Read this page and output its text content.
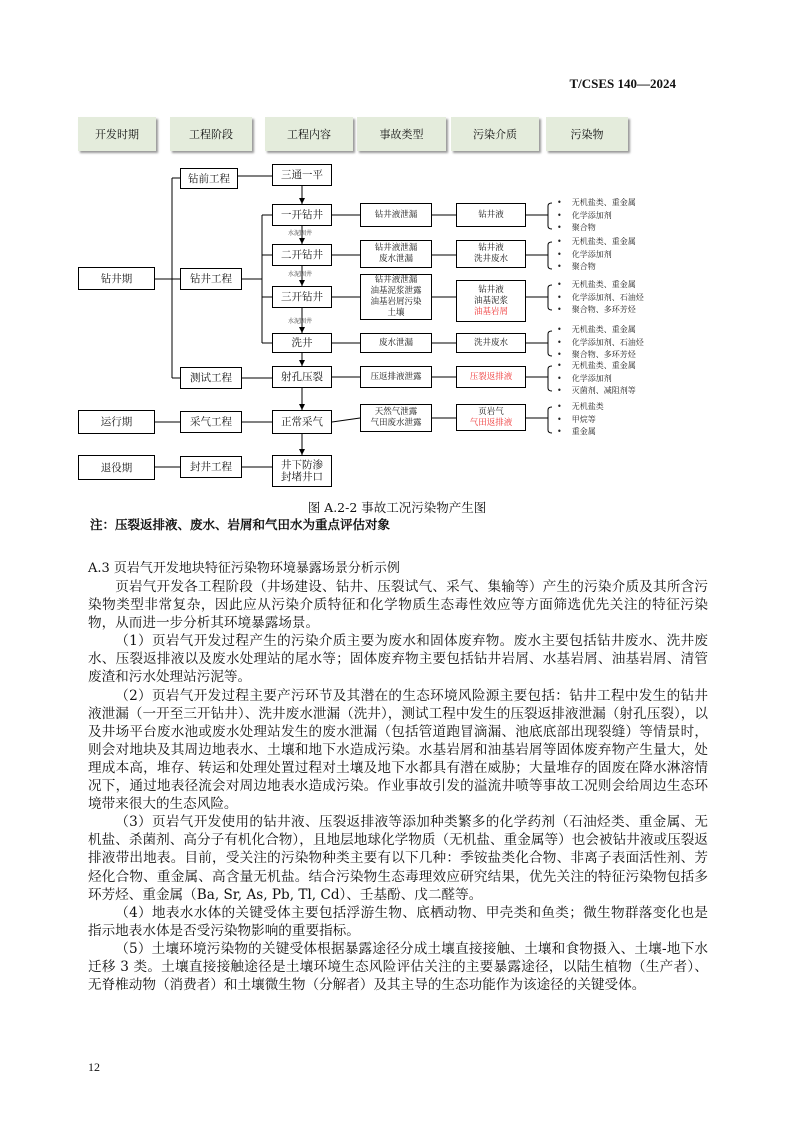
T/CSES 140—2024
开发时期	工程阶段	工程内容	事故类型	污染介质	污染物
钻井期
运行期
退役期
钻前工程
钻井工程
测试工程
采气工程
封井工程
三通一平
一开钻井
二开钻井
三开钻井
洗井
射孔压裂
正常采气
井下防渗
封堵井口
水泥固井
水泥固井
水泥固井
钻井液泄漏
钻井液泄漏
废水泄漏
钻井液泄漏
油基泥浆泄露
油基岩屑污染
土壤
废水泄漏
压返排液泄露
天然气泄露
气田废水泄露
钻井液
钻井液
洗井废水
钻井液
油基泥浆
油基岩屑
洗井废水
压裂返排液
页岩气
气田返排液
• 无机盐类、重金属
• 化学添加剂
• 聚合物
• 无机盐类、重金属
• 化学添加剂
• 聚合物
• 无机盐类、重金属
• 化学添加剂、石油烃
• 聚合物、多环芳烃
• 无机盐类、重金属
• 化学添加剂、石油烃
• 聚合物、多环芳烃
• 无机盐类、重金属
• 化学添加剂
• 灭菌剂、减阻剂等
• 无机盐类
• 甲烷等
• 重金属
图 A.2-2 事故工况污染物产生图
注：压裂返排液、废水、岩屑和气田水为重点评估对象
A.3 页岩气开发地块特征污染物环境暴露场景分析示例

页岩气开发各工程阶段（井场建设、钻井、压裂试气、采气、集输等）产生的污染介质及其所含污染物类型非常复杂，因此应从污染介质特征和化学物质生态毒性效应等方面筛选优先关注的特征污染物，从而进一步分析其环境暴露场景。

（1）页岩气开发过程产生的污染介质主要为废水和固体废弃物。废水主要包括钻井废水、洗井废水、压裂返排液以及废水处理站的尾水等；固体废弃物主要包括钻井岩屑、水基岩屑、油基岩屑、清管废渣和污水处理站污泥等。

（2）页岩气开发过程主要产污环节及其潜在的生态环境风险源主要包括：钻井工程中发生的钻井液泄漏（一开至三开钻井）、洗井废水泄漏（洗井），测试工程中发生的压裂返排液泄漏（射孔压裂），以及井场平台废水池或废水处理站发生的废水泄漏（包括管道跑冒滴漏、池底底部出现裂缝）等情景时，则会对地块及其周边地表水、土壤和地下水造成污染。水基岩屑和油基岩屑等固体废弃物产生量大，处理成本高，堆存、转运和处理处置过程对土壤及地下水都具有潜在威胁；大量堆存的固废在降水淋溶情况下，通过地表径流会对周边地表水造成污染。作业事故引发的溢流井喷等事故工况则会给周边生态环境带来很大的生态风险。

（3）页岩气开发使用的钻井液、压裂返排液等添加种类繁多的化学药剂（石油烃类、重金属、无机盐、杀菌剂、高分子有机化合物），且地层地球化学物质（无机盐、重金属等）也会被钻井液或压裂返排液带出地表。目前，受关注的污染物种类主要有以下几种：季铵盐类化合物、非离子表面活性剂、芳烃化合物、重金属、高含量无机盐。结合污染物生态毒理效应研究结果，优先关注的特征污染物包括多环芳烃、重金属（Ba, Sr, As, Pb, Tl, Cd）、壬基酚、戊二醛等。

（4）地表水水体的关键受体主要包括浮游生物、底栖动物、甲壳类和鱼类；微生物群落变化也是指示地表水体是否受污染物影响的重要指标。

（5）土壤环境污染物的关键受体根据暴露途径分成土壤直接接触、土壤和食物摄入、土壤-地下水迁移 3 类。土壤直接接触途径是土壤环境生态风险评估关注的主要暴露途径，以陆生植物（生产者）、无脊椎动物（消费者）和土壤微生物（分解者）及其主导的生态功能作为该途径的关键受体。

12
